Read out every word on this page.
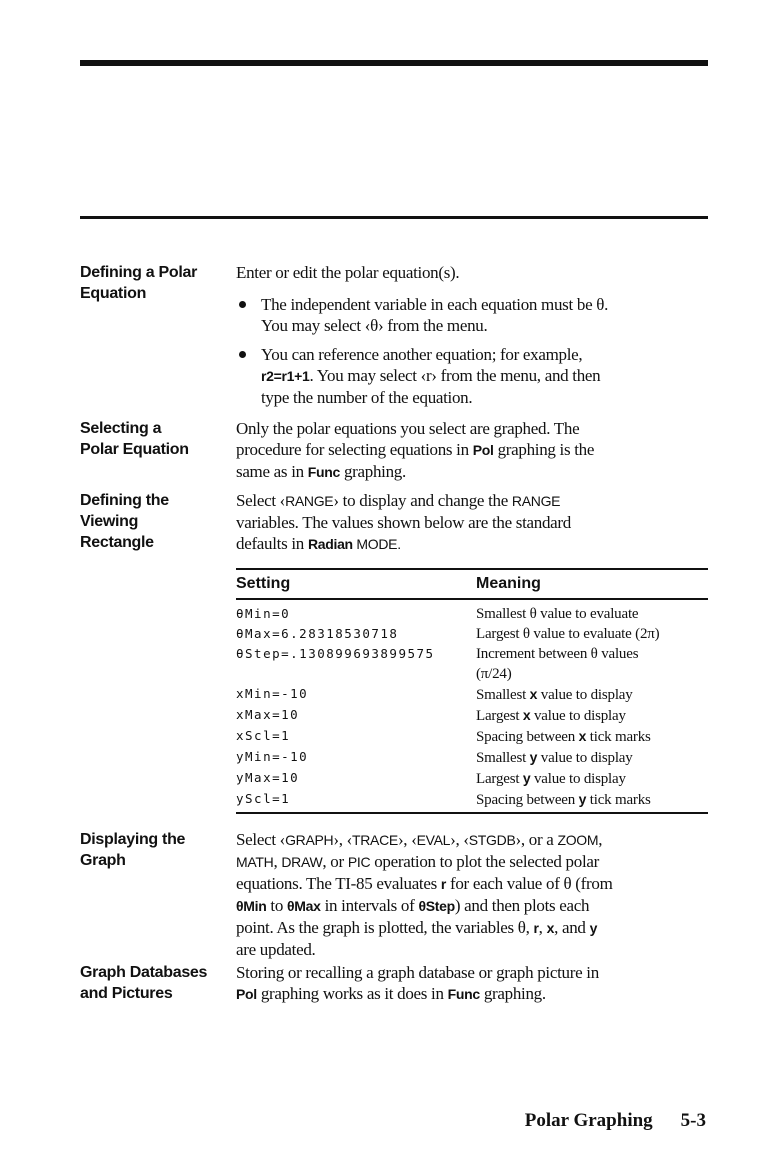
Defining a Polar
Equation

Enter or edit the polar equation(s).

The independent variable in each equation must be θ.
You may select ‹θ› from the menu.
You can reference another equation; for example,
r2=r1+1. You may select ‹r› from the menu, and then
type the number of the equation.
Selecting a
Polar Equation

Only the polar equations you select are graphed. The

procedure for selecting equations in Pol graphing is the

same as in Func graphing.

Defining the
Viewing
Rectangle

Select ‹RANGE› to display and change the RANGE

variables. The values shown below are the standard

defaults in Radian MODE.

Setting	Meaning
θMin=0	Smallest θ value to evaluate
θMax=6.28318530718	Largest θ value to evaluate (2π)
θStep=.130899693899575	Increment between θ values
(π/24)
xMin=-10	Smallest x value to display
xMax=10	Largest x value to display
xScl=1	Spacing between x tick marks
yMin=-10	Smallest y value to display
yMax=10	Largest y value to display
yScl=1	Spacing between y tick marks
Displaying the
Graph

Select ‹GRAPH›, ‹TRACE›, ‹EVAL›, ‹STGDB›, or a ZOOM,

MATH, DRAW, or PIC operation to plot the selected polar

equations. The TI‑85 evaluates r for each value of θ (from

θMin to θMax in intervals of θStep) and then plots each

point. As the graph is plotted, the variables θ, r, x, and y

are updated.

Graph Databases
and Pictures

Storing or recalling a graph database or graph picture in

Pol graphing works as it does in Func graphing.

Polar Graphing 5‑3
